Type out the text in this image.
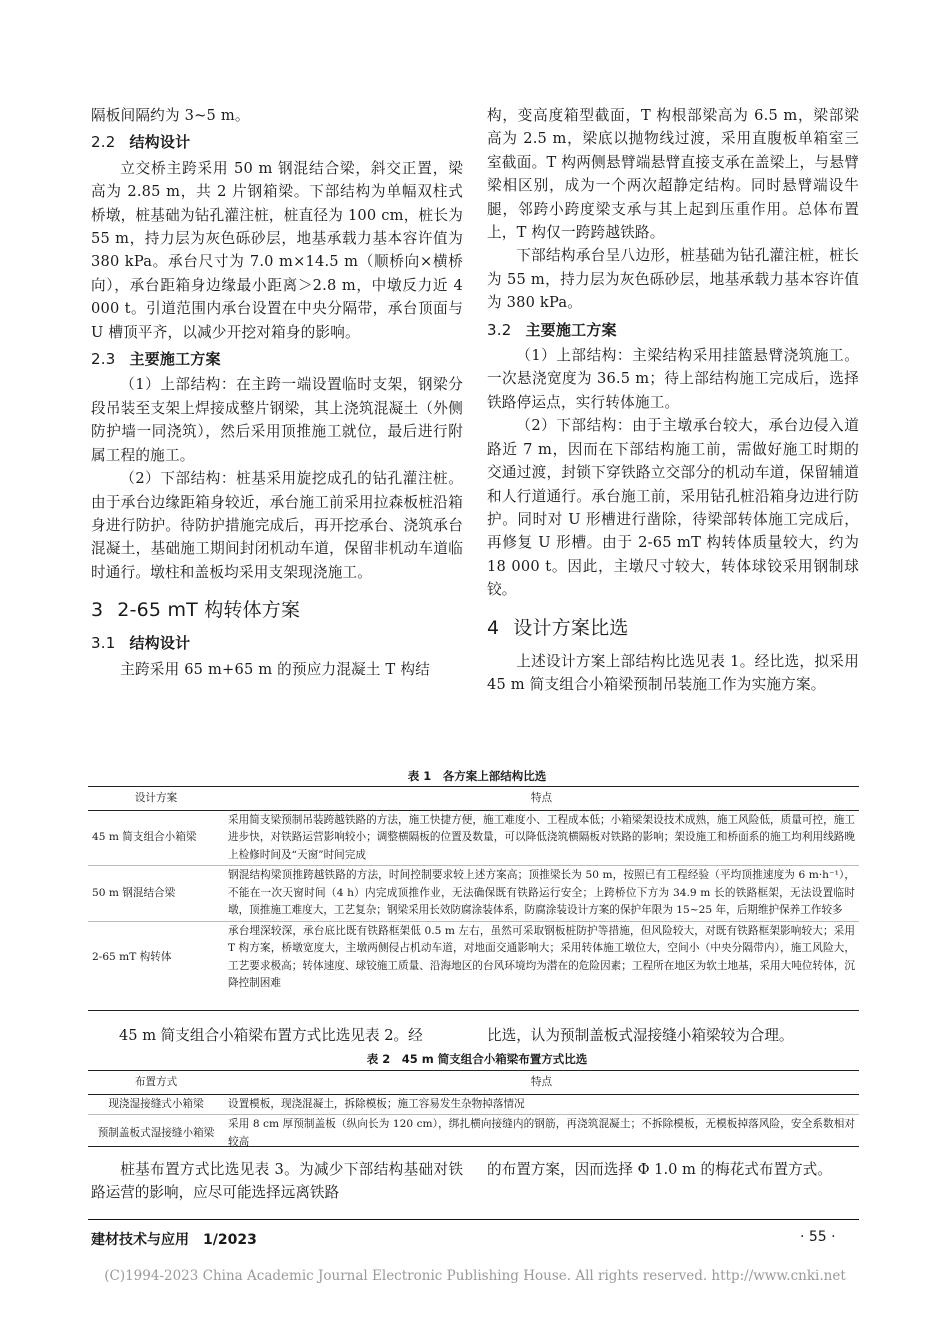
隔板间隔约为 3~5 m。

2.2 结构设计

立交桥主跨采用 50 m 钢混结合梁，斜交正置，梁高为 2.85 m，共 2 片钢箱梁。下部结构为单幅双柱式桥墩，桩基础为钻孔灌注桩，桩直径为 100 cm，桩长为 55 m，持力层为灰色砾砂层，地基承载力基本容许值为 380 kPa。承台尺寸为 7.0 m×14.5 m（顺桥向×横桥向），承台距箱身边缘最小距离＞2.8 m，中墩反力近 4 000 t。引道范围内承台设置在中央分隔带，承台顶面与 U 槽顶平齐，以减少开挖对箱身的影响。

2.3 主要施工方案

（1）上部结构：在主跨一端设置临时支架，钢梁分段吊装至支架上焊接成整片钢梁，其上浇筑混凝土（外侧防护墙一同浇筑），然后采用顶推施工就位，最后进行附属工程的施工。

（2）下部结构：桩基采用旋挖成孔的钻孔灌注桩。由于承台边缘距箱身较近，承台施工前采用拉森板桩沿箱身进行防护。待防护措施完成后，再开挖承台、浇筑承台混凝土，基础施工期间封闭机动车道，保留非机动车道临时通行。墩柱和盖板均采用支架现浇施工。

3 2-65 mT 构转体方案

3.1 结构设计

主跨采用 65 m+65 m 的预应力混凝土 T 构结

构，变高度箱型截面，T 构根部梁高为 6.5 m，梁部梁高为 2.5 m，梁底以抛物线过渡，采用直腹板单箱室三室截面。T 构两侧悬臂端悬臂直接支承在盖梁上，与悬臂梁相区别，成为一个两次超静定结构。同时悬臂端设牛腿，邻跨小跨度梁支承与其上起到压重作用。总体布置上，T 构仅一跨跨越铁路。

下部结构承台呈八边形，桩基础为钻孔灌注桩，桩长为 55 m，持力层为灰色砾砂层，地基承载力基本容许值为 380 kPa。

3.2 主要施工方案

（1）上部结构：主梁结构采用挂篮悬臂浇筑施工。一次悬浇宽度为 36.5 m；待上部结构施工完成后，选择铁路停运点，实行转体施工。

（2）下部结构：由于主墩承台较大，承台边侵入道路近 7 m，因而在下部结构施工前，需做好施工时期的交通过渡，封锁下穿铁路立交部分的机动车道，保留辅道和人行道通行。承台施工前，采用钻孔桩沿箱身边进行防护。同时对 U 形槽进行凿除，待梁部转体施工完成后，再修复 U 形槽。由于 2-65 mT 构转体质量较大，约为 18 000 t。因此，主墩尺寸较大，转体球铰采用钢制球铰。

4 设计方案比选

上述设计方案上部结构比选见表 1。经比选，拟采用 45 m 简支组合小箱梁预制吊装施工作为实施方案。

表 1　各方案上部结构比选
设计方案	特点
45 m 简支组合小箱梁	采用简支梁预制吊装跨越铁路的方法，施工快捷方便，施工难度小、工程成本低；小箱梁架设技术成熟，施工风险低，质量可控，施工进步快，对铁路运营影响较小；调整横隔板的位置及数量，可以降低浇筑横隔板对铁路的影响；架设施工和桥面系的施工均利用线路晚上检修时间及“天窗”时间完成
50 m 钢混结合梁	钢混结构梁顶推跨越铁路的方法，时间控制要求较上述方案高；顶推梁长为 50 m，按照已有工程经验（平均顶推速度为 6 m·h⁻¹），不能在一次天窗时间（4 h）内完成顶推作业，无法确保既有铁路运行安全；上跨桥位下方为 34.9 m 长的铁路框架，无法设置临时墩，顶推施工难度大，工艺复杂；钢梁采用长效防腐涂装体系，防腐涂装设计方案的保护年限为 15~25 年，后期维护保养工作较多
2-65 mT 构转体	承台埋深较深，承台底比既有铁路框架低 0.5 m 左右，虽然可采取钢板桩防护等措施，但风险较大，对既有铁路框架影响较大；采用 T 构方案，桥墩宽度大，主墩两侧侵占机动车道，对地面交通影响大；采用转体施工墩位大，空间小（中央分隔带内），施工风险大，工艺要求极高；转体速度、球铰施工质量、沿海地区的台风环境均为潜在的危险因素；工程所在地区为软土地基，采用大吨位转体，沉降控制困难
45 m 简支组合小箱梁布置方式比选见表 2。经	比选，认为预制盖板式湿接缝小箱梁较为合理。
表 2　45 m 简支组合小箱梁布置方式比选
布置方式	特点
现浇湿接缝式小箱梁	设置模板，现浇混凝土，拆除模板；施工容易发生杂物掉落情况
预制盖板式湿接缝小箱梁	采用 8 cm 厚预制盖板（纵向长为 120 cm），绑扎横向接缝内的钢筋，再浇筑混凝土；不拆除模板，无模板掉落风险，安全系数相对较高
桩基布置方式比选见表 3。为减少下部结构基础对铁路运营的影响，应尽可能选择远离铁路
的布置方案，因而选择 Φ 1.0 m 的梅花式布置方式。
建材技术与应用　1/2023	· 55 ·
(C)1994-2023 China Academic Journal Electronic Publishing House. All rights reserved. http://www.cnki.net
